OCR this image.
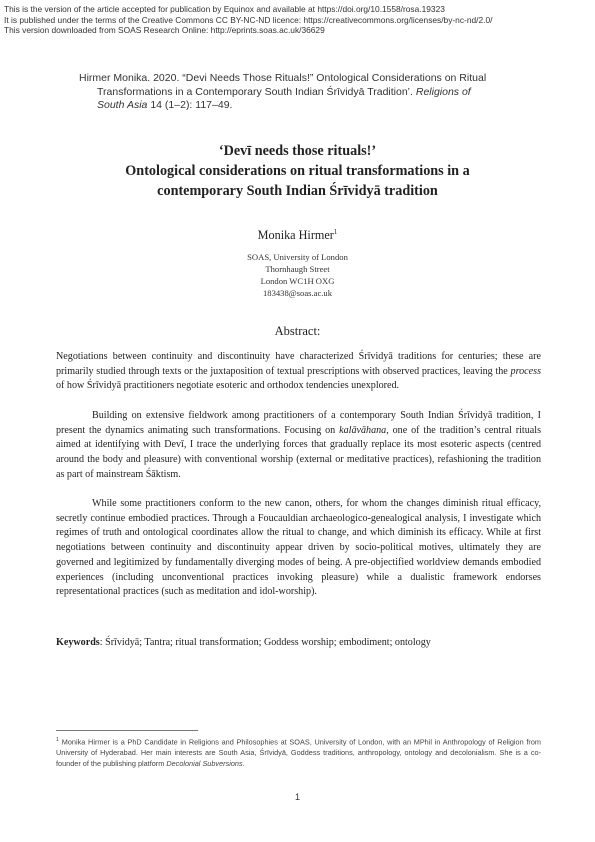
This is the version of the article accepted for publication by Equinox and available at https://doi.org/10.1558/rosa.19323
It is published under the terms of the Creative Commons CC BY-NC-ND licence: https://creativecommons.org/licenses/by-nc-nd/2.0/
This version downloaded from SOAS Research Online: http://eprints.soas.ac.uk/36629
Hirmer Monika. 2020. “Devi Needs Those Rituals!” Ontological Considerations on Ritual
Transformations in a Contemporary South Indian Śrīvidyā Tradition’. Religions of
South Asia 14 (1–2): 117–49.
‘Devī needs those rituals!’
Ontological considerations on ritual transformations in a
contemporary South Indian Śrīvidyā tradition
Monika Hirmer$^1$
SOAS, University of London
Thornhaugh Street
London WC1H OXG
183438@soas.ac.uk
Abstract:
Negotiations between continuity and discontinuity have characterized Śrīvidyā traditions for centuries; these are primarily studied through texts or the juxtaposition of textual prescriptions with observed practices, leaving the process of how Śrīvidyā practitioners negotiate esoteric and orthodox tendencies unexplored.
Building on extensive fieldwork among practitioners of a contemporary South Indian Śrīvidyā tradition, I present the dynamics animating such transformations. Focusing on kalāvāhana, one of the tradition’s central rituals aimed at identifying with Devī, I trace the underlying forces that gradually replace its most esoteric aspects (centred around the body and pleasure) with conventional worship (external or meditative practices), refashioning the tradition as part of mainstream Śāktism.
While some practitioners conform to the new canon, others, for whom the changes diminish ritual efficacy, secretly continue embodied practices. Through a Foucauldian archaeologico-genealogical analysis, I investigate which regimes of truth and ontological coordinates allow the ritual to change, and which diminish its efficacy. While at first negotiations between continuity and discontinuity appear driven by socio-political motives, ultimately they are governed and legitimized by fundamentally diverging modes of being. A pre-objectified worldview demands embodied experiences (including unconventional practices invoking pleasure) while a dualistic framework endorses representational practices (such as meditation and idol-worship).
Keywords: Śrīvidyā; Tantra; ritual transformation; Goddess worship; embodiment; ontology
$^1$ Monika Hirmer is a PhD Candidate in Religions and Philosophies at SOAS, University of London, with an MPhil in Anthropology of Religion from University of Hyderabad. Her main interests are South Asia, Śrīvidyā, Goddess traditions, anthropology, ontology and decolonialism. She is a co-founder of the publishing platform Decolonial Subversions.
1
